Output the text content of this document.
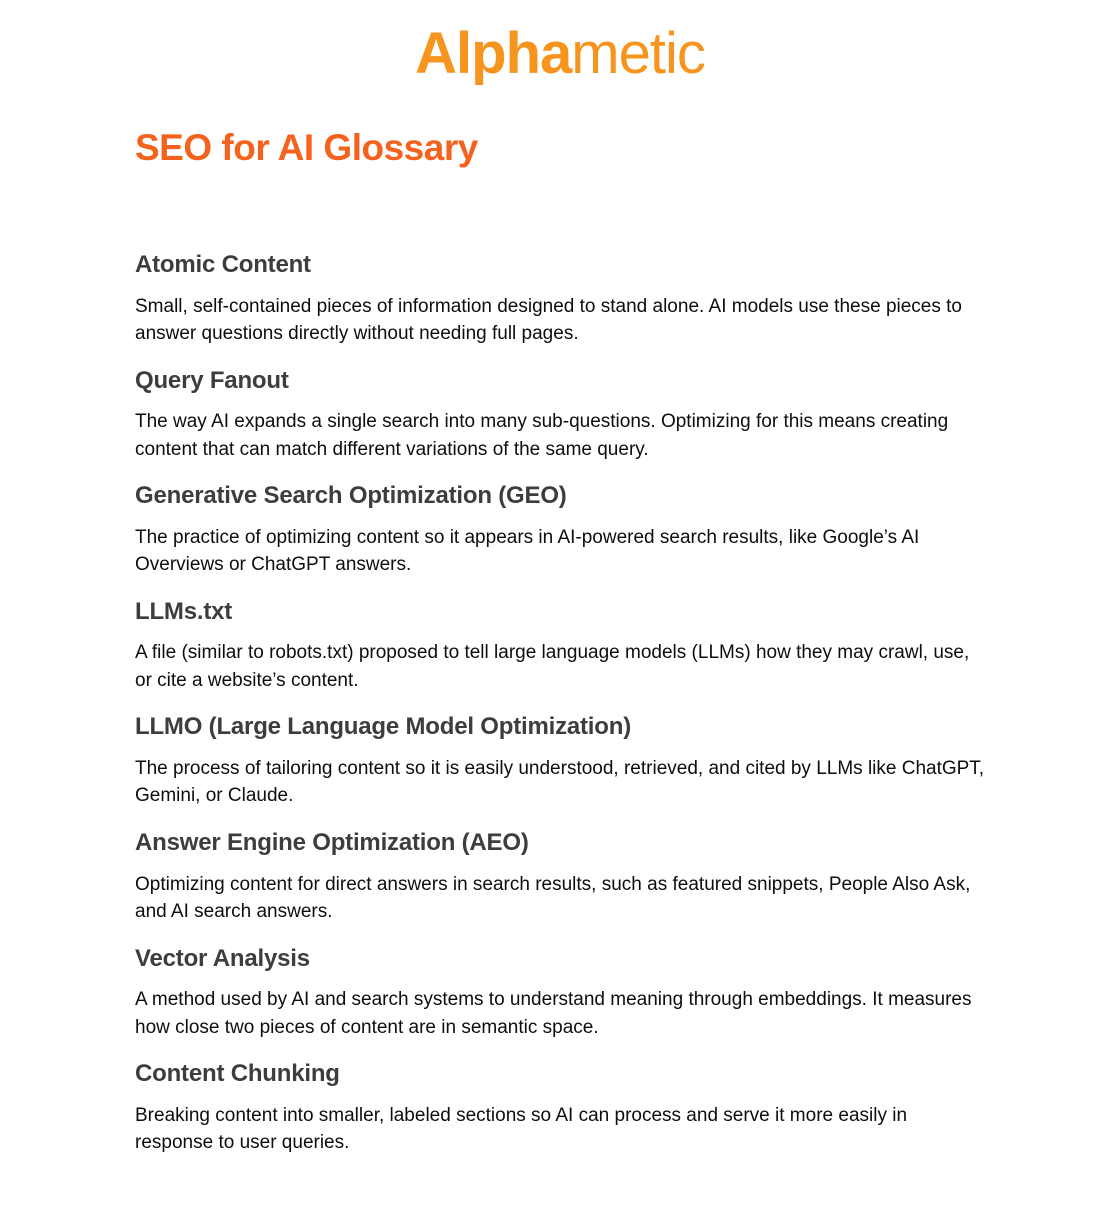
Alphametic
SEO for AI Glossary
Atomic Content

Small, self-contained pieces of information designed to stand alone. AI models use these pieces to answer questions directly without needing full pages.

Query Fanout

The way AI expands a single search into many sub-questions. Optimizing for this means creating content that can match different variations of the same query.

Generative Search Optimization (GEO)

The practice of optimizing content so it appears in AI-powered search results, like Google’s AI Overviews or ChatGPT answers.

LLMs.txt

A file (similar to robots.txt) proposed to tell large language models (LLMs) how they may crawl, use, or cite a website’s content.

LLMO (Large Language Model Optimization)

The process of tailoring content so it is easily understood, retrieved, and cited by LLMs like ChatGPT, Gemini, or Claude.

Answer Engine Optimization (AEO)

Optimizing content for direct answers in search results, such as featured snippets, People Also Ask, and AI search answers.

Vector Analysis

A method used by AI and search systems to understand meaning through embeddings. It measures how close two pieces of content are in semantic space.

Content Chunking

Breaking content into smaller, labeled sections so AI can process and serve it more easily in response to user queries.
